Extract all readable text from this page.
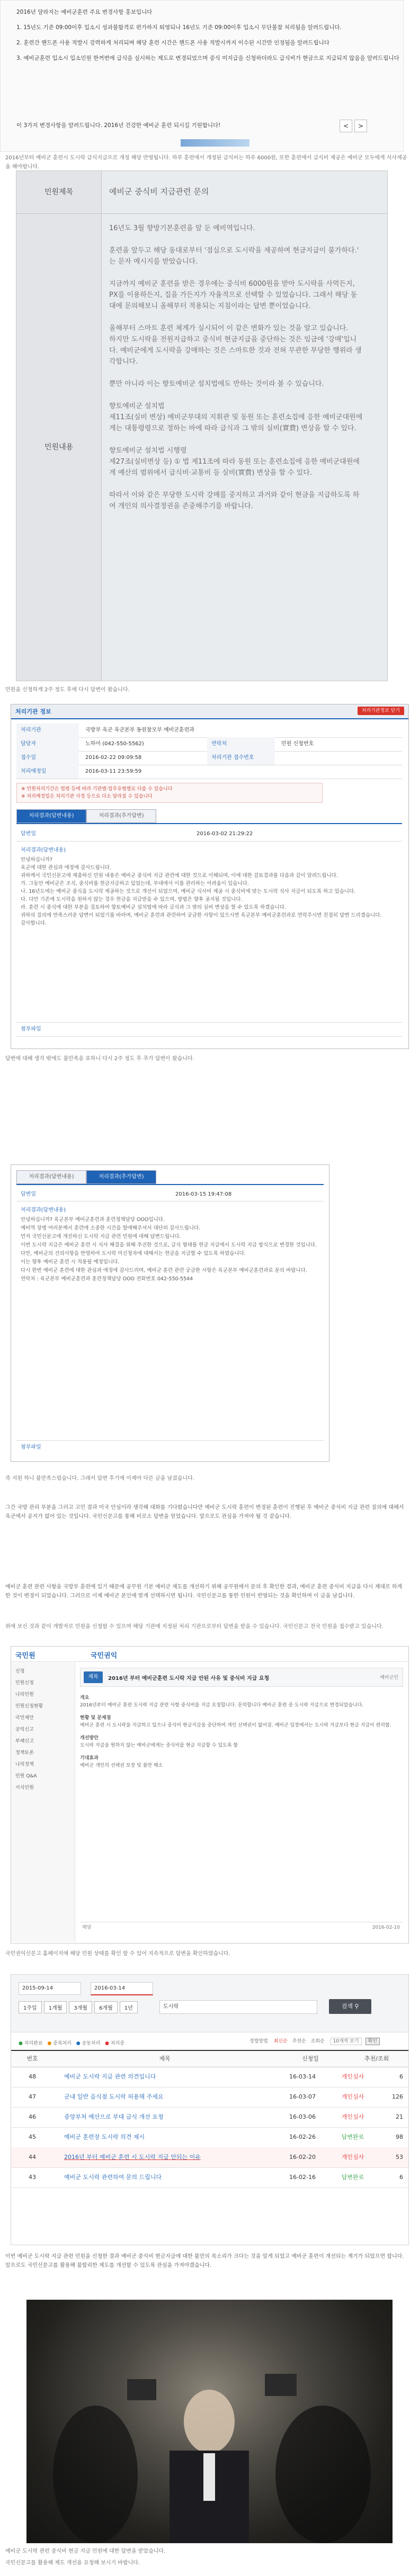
2016년 달라지는 예비군훈련 주요 변경사항 홍보입니다
1. 15년도 기준 09:00이후 입소시 성과불합격로 편가하지 퇴영되나 16년도 기준 09:00이후 입소시 무단불참 처리됨을 알려드립니다.
2. 훈련간 핸드폰 사용 적발시 강력하게 처리되며 해당 훈련 시간은 핸드폰 사용 적발시까지 이수된 시간만 인정됨을 알려드립니다
3. 예비군훈련 입소시 입소인원 한꺼번에 급식을 실시하는 제도로 변경되었으며 중식 미지급을 신청하더라도 급식비가 현금으로 지급되지 않음을 알려드립니다
이 3가지 변경사항을 알려드립니다. 2016년 건강한 예비군 훈련 되시길 기원합니다!	<	>
2016년부터 예비군 훈련시 도시락 급식지급으로 개정 해당 반영됩니다. 하루 훈련에서 개정된 급식비는 하루 6000원, 또한 훈련에서 급식비 제공은 예비군 모두에게 식사제공을 해야합니다.
민원제목	예비군 중식비 지급관련 문의
민원내용
16년도 3월 향방기본훈련을 앞 둔 예비역입니다.

훈련을 앞두고 해당 동대로부터 '점심으로 도시락을 제공하며 현금지급이 불가하다.' 는 문자 메시지를 받았습니다.

지금까지 예비군 훈련을 받은 경우에는 중식비 6000원을 받아 도시락을 사먹든지, PX를 이용하든지, 집을 가든지가 자율적으로 선택할 수 있었습니다. 그래서 해당 동대에 문의해보니 올해부터 적용되는 지침이라는 답변 뿐이었습니다.

올해부터 스마트 훈련 체계가 실시되어 이 같은 변화가 있는 것을 알고 있습니다.
하지만 도시락을 전원지급하고 중식비 현금지급을 중단하는 것은 임금에 '강매'입니다. 예비군에게 도시락을 강매하는 것은 스마트한 것과 전혀 무관한 부당한 행위라 생각합니다.

뿐만 아니라 이는 향토예비군 설치법에도 반하는 것이라 볼 수 있습니다.

향토예비군 설치법
제11조(실비 변상) 예비군부대의 지휘관 및 동원 또는 훈련소집에 응한 예비군대원에게는 대통령령으로 정하는 바에 따라 급식과 그 밖의 실비(實費) 변상을 할 수 있다.

향토예비군 설치법 시행령
제27조(실비변상 등) ① 법 제11조에 따라 동원 또는 훈련소집에 응한 예비군대원에게 예산의 범위에서 급식비·교통비 등 실비(實費) 변상을 할 수 있다.

따라서 이와 같은 부당한 도시락 강매를 중지하고 과거와 같이 현금을 지급하도록 하여 개인의 의사결정권을 존중해주기를 바랍니다.
민원을 신청하게 2주 정도 후에 다시 답변이 왔습니다.
처리기관 정보	처리기관정보 닫기
처리기관	국방부 육군 육군본부 동원참모부 예비군훈련과
담당자	노하어 (042-550-5562)	연락처	민원 신청번호
접수일	2016-02-22 09:09:58	처리기관 접수번호
처리예정일	2016-03-11 23:59:59
※ 민원처리기간은 법령 등에 따라 기관별·업무유형별로 다를 수 있습니다
※ 처리예정일은 처리기관 사정 등으로 다소 달라질 수 있습니다
처리결과(답변내용)	처리결과(추가답변)
답변일	2016-03-02 21:29:22
처리결과(답변내용)
안녕하십니까?
육군에 대한 관심과 애정에 감사드립니다.
귀하께서 국민신문고에 제출하신 민원 내용은 예비군 중식비 지급 관련에 대한 것으로 이해되며, 이에 대한 검토결과를 다음과 같이 알려드립니다.
가. 그동안 예비군은 조식, 중식비를 현금지급하고 있었는데, 부대에서 이를 관리하는 어려움이 있습니다.
나. 16년도에는 예비군 중식을 도시락 제공하는 것으로 개선이 되었으며, 예비군 식사비 제공 시 중식비에 맞는 도시락 식사 지급이 되도록 하고 있습니다.
다. 다만 기존에 도시락을 원하지 않는 경우 현금을 지급받을 수 있으며, 방법은 향후 공지될 것입니다.
라. 훈련 시 중식에 대한 부분을 검토하여 향토예비군 설치법에 따라 급식과 그 밖의 실비 변상을 할 수 있도록 하겠습니다.
귀하의 질의에 만족스러운 답변이 되었기를 바라며, 예비군 훈련과 관련하여 궁금한 사항이 있으시면 육군본부 예비군훈련과로 연락주시면 친절히 답변 드리겠습니다.
감사합니다.
첨부파일
답변에 대해 생각 밖에도 불만족을 표하니 다시 2주 정도 후 추가 답변이 왔습니다.
처리결과(답변내용)	처리결과(추가답변)
답변일	2016-03-15 19:47:08
처리결과(답변내용)
안녕하십니까? 육군본부 예비군훈련과 훈련정책담당 OOO입니다.
예비역 장병 여러분께서 훈련에 소중한 시간을 할애해주셔서 대단히 감사드립니다.
먼저 국민신문고에 개진하신 도시락 지급 관련 민원에 대해 답변드립니다.
이번 도시락 지급은 예비군 훈련 시 식사 해결을 위해 추진한 것으로, 급식 형태를 현금 지급에서 도시락 지급 방식으로 변경한 것입니다.
다만, 예비군의 건의사항을 반영하여 도시락 미신청자에 대해서는 현금을 지급할 수 있도록 하였습니다.
이는 향후 예비군 훈련 시 적용될 예정입니다.
다시 한번 예비군 훈련에 대한 관심과 애정에 감사드리며, 예비군 훈련 관련 궁금한 사항은 육군본부 예비군훈련과로 문의 바랍니다.
연락처 : 육군본부 예비군훈련과 훈련정책담당 OOO 전화번호 042-550-5544
첨부파일
즉 지원 하니 불만족스럽습니다. 그래서 답변 후기에 이제야 다른 글을 남겼습니다.
그간 국방 관리 부분을 그러고 고민 결과 미국 안심이라 생각해 대화를 기다렸습니다만 예비군 도시락 훈련이 변경된 훈련이 진행된 후 예비군 중식비 지급 관련 질의에 대해서 육군에서 공지가 없어 있는 것입니다. 국민신문고를 통해 비로소 답변을 얻었습니다. 앞으로도 관심을 가져야 될 것 같습니다.
예비군 훈련 관련 사항을 국방부 훈련에 있기 때문에 공무원 기본 예비군 제도를 개선하기 위해 공무원에서 문의 후 확인한 결과, 예비군 훈련 중식비 지급을 다시 제대로 하게 한 것이 변경이 되었습니다. 그러므로 이제 예비군 본인에 맞게 선택하시면 됩니다. 국민신문고를 통한 민원이 반영되는 것을 확인하며 이 글을 남깁니다.
위에 보신 것과 같이 개발자로 민원을 신청할 수 있으며 해당 기관에 지정된 처리 기관으로부터 답변을 받을 수 있습니다. 국민신문고 전국 민원을 접수받고 있습니다.
국민원	국민권익
신청
민원신청
나의민원
민원신청현황
국민제안
공익신고
부패신고
정책토론
나의정책
민원 Q&A
서식민원
제목	2016년 부터 예비군훈련 도시락 지급 안된 사유 및 중식비 지급 요청	예비군민
개요
2016년부터 예비군 훈련 도시락 지급 관련 사항 중식비를 지급 요청합니다. 문의합니다 예비군 훈련 중 도시락 지급으로 변경되었습니다.
현황 및 문제점
예비군 훈련 시 도시락을 지급하고 있으나 중식비 현금지급을 중단하여 개인 선택권이 없어짐. 예비군 입장에서는 도시락 지급보다 현금 지급이 편리함.
개선방안
도시락 지급을 원하지 않는 예비군에게는 중식비를 현금 지급할 수 있도록 함
기대효과
예비군 개인의 선택권 보장 및 불만 해소
해당	2016-02-10
국민권익신문고 홈페이지에 해당 민원 상태를 확인 할 수 있어 지속적으로 답변을 확인하였습니다.
2015-09-14	2016-03-14
1주일 1개월 3개월 6개월 1년	도시락	검색 ⚲
● 처리완료 ● 중복처리 ● 공동처리 ● 처리중	정렬방법 최신순 추천순 조회순 10개씩 보기 확인
번호	제목	신청일	추천/조회
48	예비군 도시락 지급 관련 의견입니다	16-03-14	개인심사	6
47	군내 일반 음식점 도시락 허용해 주세요	16-03-07	개인심사	126
46	중앙부처 예산으로 부대 급식 개선 요청	16-03-06	개인심사	21
45	예비군 훈련장 도시락 의견 제시	16-02-26	답변완료	98
44	2016년 부터 예비군 훈련 시 도시락 지급 안되는 이유	16-02-20	개인심사	53
43	예비군 도시락 관련하여 문의 드립니다	16-02-16	답변완료	6
이번 예비군 도시락 지급 관련 민원을 신청한 결과 예비군 중식비 현금지급에 대한 불만의 목소리가 크다는 것을 알게 되었고 예비군 훈련이 개선되는 계기가 되었으면 합니다. 앞으로도 국민신문고를 활용해 불합리한 제도를 개선할 수 있도록 관심을 가져야겠습니다.
예비군 도시락 관련 중식비 현금 지급 민원에 대한 답변을 받았습니다.
국민신문고를 활용해 제도 개선을 요청해 보시기 바랍니다.
